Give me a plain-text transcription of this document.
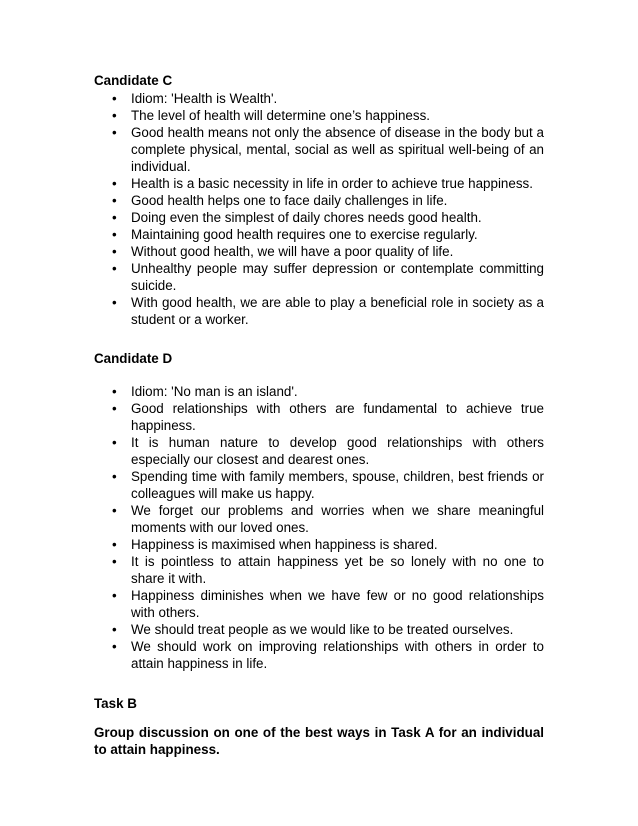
Candidate C

• Idiom: 'Health is Wealth'.
• The level of health will determine one’s happiness.
• Good health means not only the absence of disease in the body but a complete physical, mental, social as well as spiritual well-being of an individual.
• Health is a basic necessity in life in order to achieve true happiness.
• Good health helps one to face daily challenges in life.
• Doing even the simplest of daily chores needs good health.
• Maintaining good health requires one to exercise regularly.
• Without good health, we will have a poor quality of life.
• Unhealthy people may suffer depression or contemplate committing suicide.
• With good health, we are able to play a beneficial role in society as a student or a worker.

Candidate D

• Idiom: 'No man is an island'.
• Good relationships with others are fundamental to achieve true happiness.
• It is human nature to develop good relationships with others especially our closest and dearest ones.
• Spending time with family members, spouse, children, best friends or colleagues will make us happy.
• We forget our problems and worries when we share meaningful moments with our loved ones.
• Happiness is maximised when happiness is shared.
• It is pointless to attain happiness yet be so lonely with no one to share it with.
• Happiness diminishes when we have few or no good relationships with others.
• We should treat people as we would like to be treated ourselves.
• We should work on improving relationships with others in order to attain happiness in life.

Task B

Group discussion on one of the best ways in Task A for an individual to attain happiness.
